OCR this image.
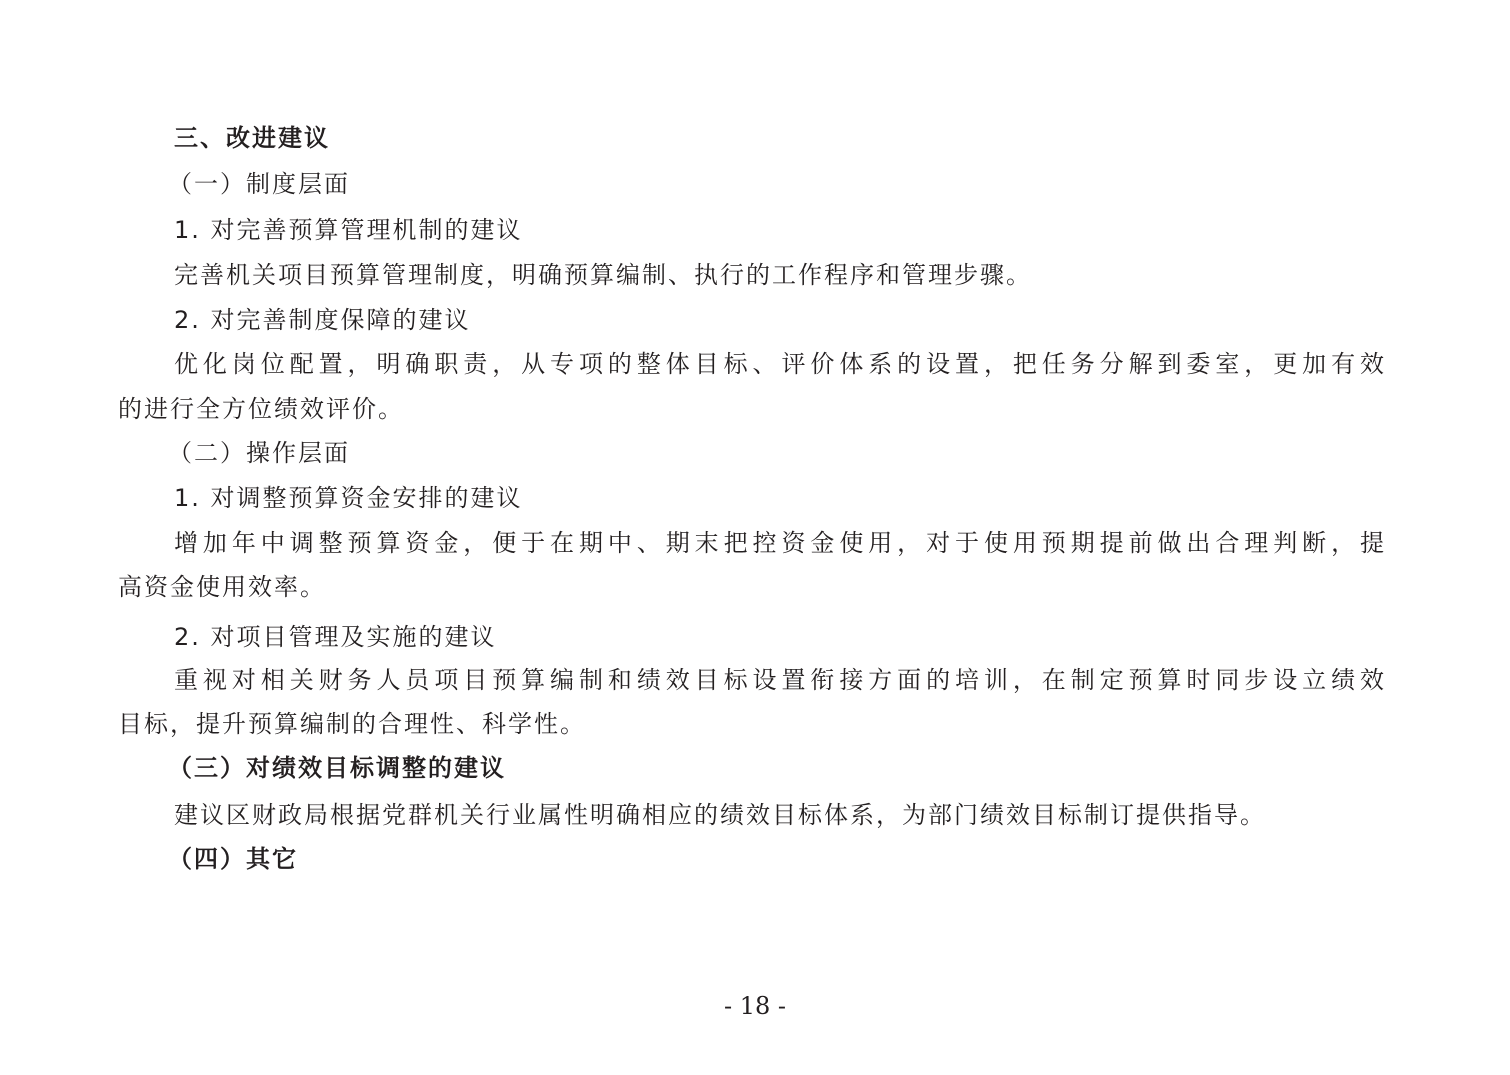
三、改进建议
（一）制度层面
1. 对完善预算管理机制的建议
完善机关项目预算管理制度，明确预算编制、执行的工作程序和管理步骤。
2. 对完善制度保障的建议
优化岗位配置，明确职责，从专项的整体目标、评价体系的设置，把任务分解到委室，更加有效
的进行全方位绩效评价。
（二）操作层面
1. 对调整预算资金安排的建议
增加年中调整预算资金，便于在期中、期末把控资金使用，对于使用预期提前做出合理判断，提
高资金使用效率。
2. 对项目管理及实施的建议
重视对相关财务人员项目预算编制和绩效目标设置衔接方面的培训，在制定预算时同步设立绩效
目标，提升预算编制的合理性、科学性。
（三）对绩效目标调整的建议
建议区财政局根据党群机关行业属性明确相应的绩效目标体系，为部门绩效目标制订提供指导。
（四）其它
- 18 -
